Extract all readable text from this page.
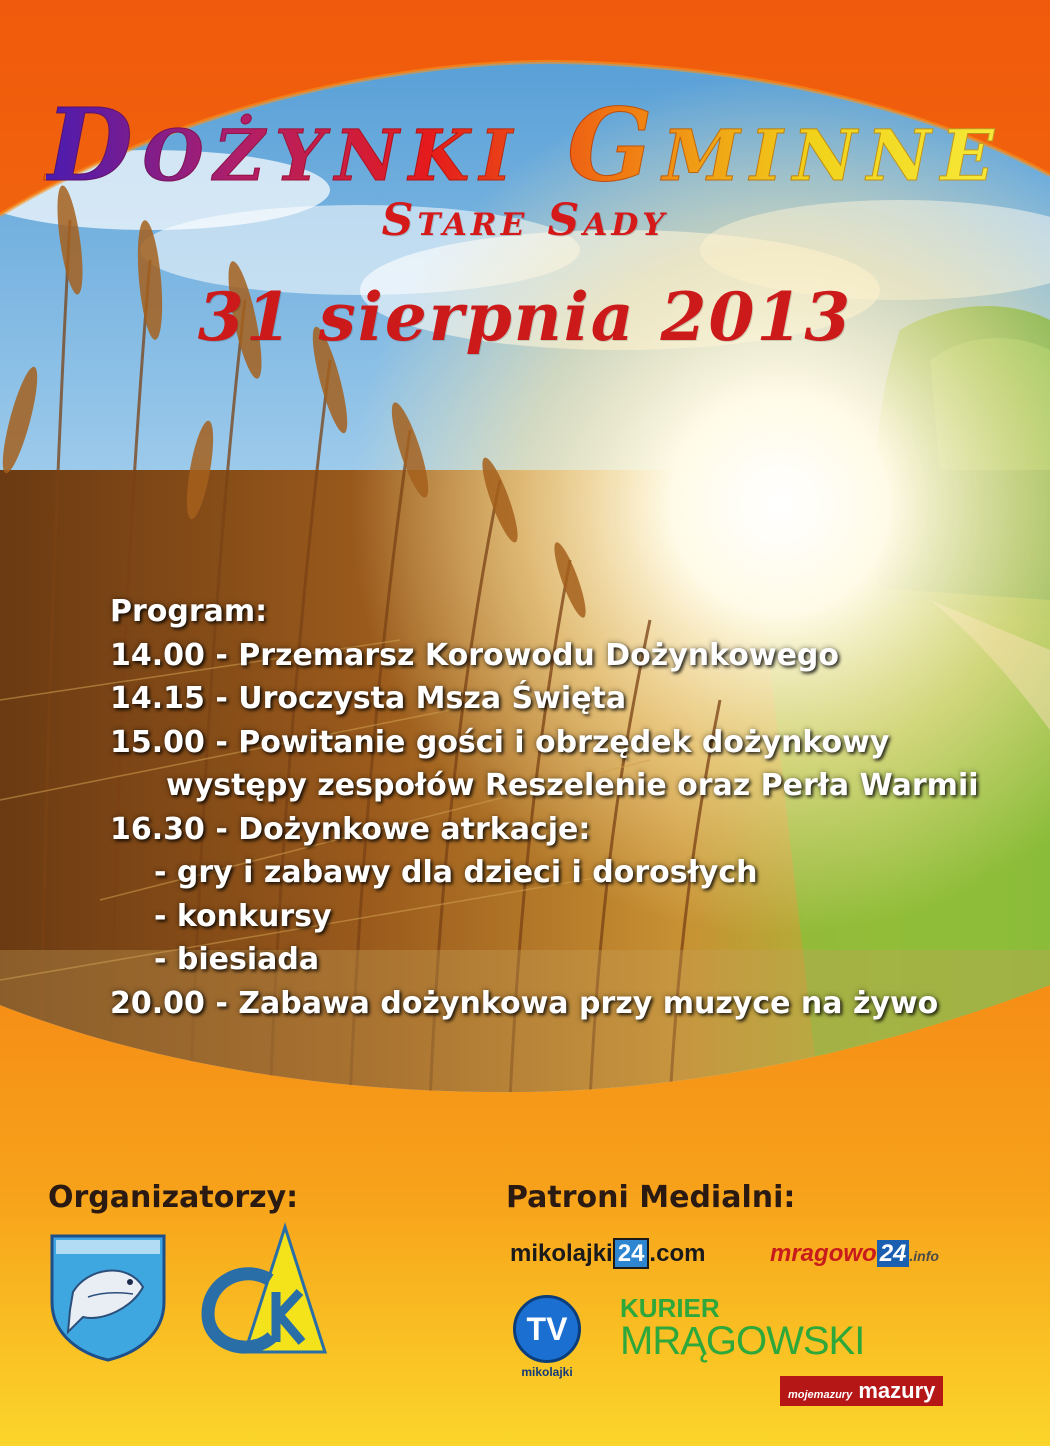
Dożynki Gminne
Stare Sady
31 sierpnia 2013
Program:
14.00 - Przemarsz Korowodu Dożynkowego
14.15 - Uroczysta Msza Święta
15.00 - Powitanie gości i obrzędek dożynkowy
występy zespołów Reszelenie oraz Perła Warmii
16.30 - Dożynkowe atrkacje:
- gry i zabawy dla dzieci i dorosłych
- konkursy
- biesiada
20.00 - Zabawa dożynkowa przy muzyce na żywo
Organizatorzy:	Patroni Medialni:
mikolajki 24 .com	mragowo 24 .info
TV
mikolajki
KURIER
MRĄGOWSKI
mojemazury mazury
